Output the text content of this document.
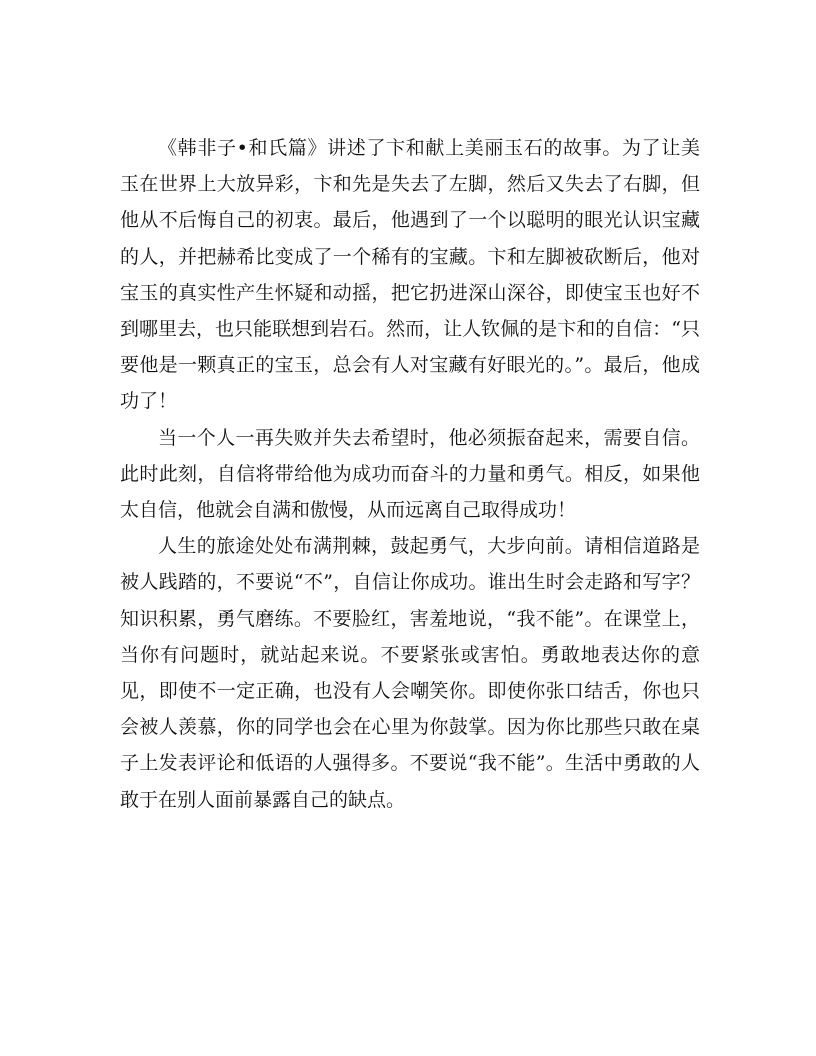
《韩非子•和氏篇》讲述了卞和献上美丽玉石的故事。为了让美玉在世界上大放异彩，卞和先是失去了左脚，然后又失去了右脚，但他从不后悔自己的初衷。最后，他遇到了一个以聪明的眼光认识宝藏的人，并把赫希比变成了一个稀有的宝藏。卞和左脚被砍断后，他对宝玉的真实性产生怀疑和动摇，把它扔进深山深谷，即使宝玉也好不到哪里去，也只能联想到岩石。然而，让人钦佩的是卞和的自信：“只要他是一颗真正的宝玉，总会有人对宝藏有好眼光的。”。最后，他成功了！

当一个人一再失败并失去希望时，他必须振奋起来，需要自信。此时此刻，自信将带给他为成功而奋斗的力量和勇气。相反，如果他太自信，他就会自满和傲慢，从而远离自己取得成功！

人生的旅途处处布满荆棘，鼓起勇气，大步向前。请相信道路是被人践踏的，不要说“不”，自信让你成功。谁出生时会走路和写字？知识积累，勇气磨练。不要脸红，害羞地说，“我不能”。在课堂上，当你有问题时，就站起来说。不要紧张或害怕。勇敢地表达你的意见，即使不一定正确，也没有人会嘲笑你。即使你张口结舌，你也只会被人羡慕，你的同学也会在心里为你鼓掌。因为你比那些只敢在桌子上发表评论和低语的人强得多。不要说“我不能”。生活中勇敢的人敢于在别人面前暴露自己的缺点。
